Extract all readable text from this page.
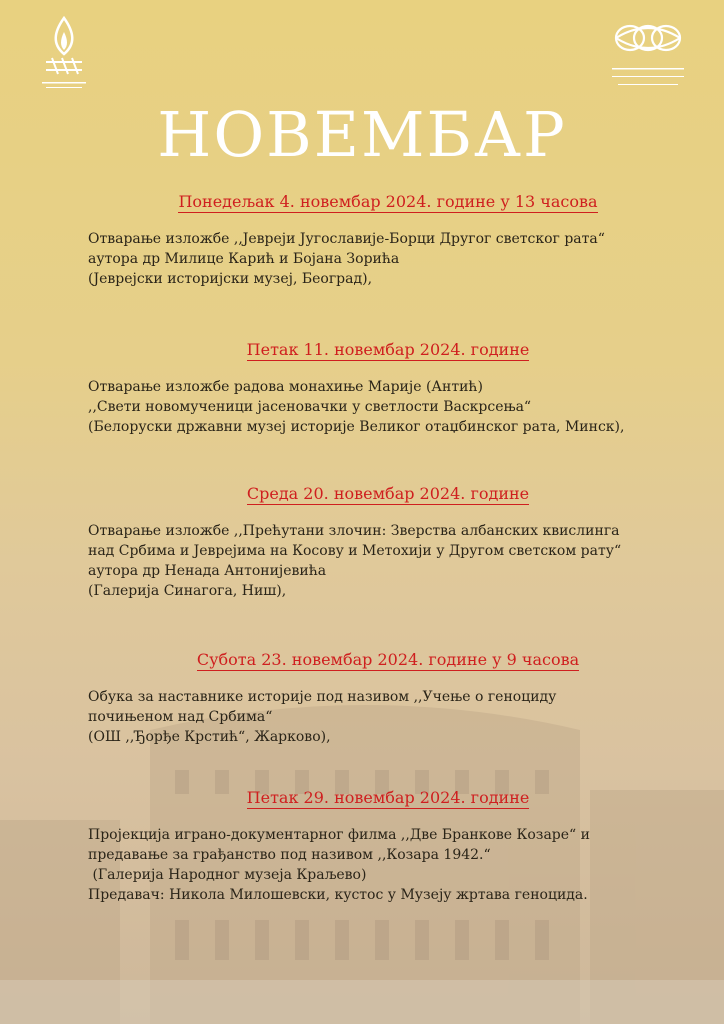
НОВЕМБАР
Понедељак 4. новембар 2024. године у 13 часова
Отварање изложбе ,,Јевреји Југославије-Борци Другог светског рата“
аутора др Милице Карић и Бојана Зорића
(Јеврејски историјски музеј, Београд),
Петак 11. новембар 2024. године
Отварање изложбе радова монахиње Марије (Антић)
,,Свети новомученици јасеновачки у светлости Васкрсења“
(Белоруски државни музеј историје Великог отаџбинског рата, Минск),
Среда 20. новембар 2024. године
Отварање изложбе ,,Прећутани злочин: Зверства албанских квислинга
над Србима и Јеврејима на Косову и Метохији у Другом светском рату“
аутора др Ненада Антонијевића
(Галерија Синагога, Ниш),
Субота 23. новембар 2024. године у 9 часова
Обука за наставнике историје под називом ,,Учење о геноциду
почињеном над Србима“
(ОШ ,,Ђорђе Крстић“, Жарково),
Петак 29. новембар 2024. године
Пројекција играно-документарног филма ,,Две Бранкове Козаре“ и
предавање за грађанство под називом ,,Козара 1942.“
(Галерија Народног музеја Краљево)
Предавач: Никола Милошевски, кустос у Музеју жртава геноцида.
